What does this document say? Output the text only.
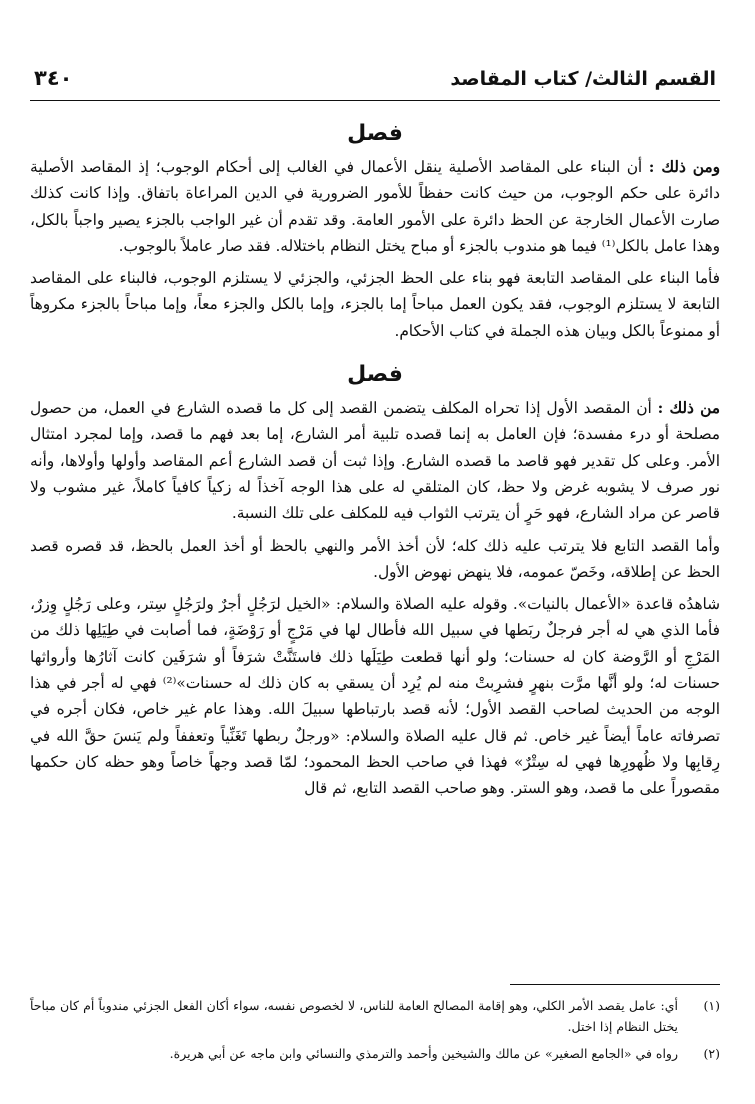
القسم الثالث/ كتاب المقاصد
٣٤٠
فصل

ومن ذلك : أن البناء على المقاصد الأصلية ينقل الأعمال في الغالب إلى أحكام الوجوب؛ إذ المقاصد الأصلية دائرة على حكم الوجوب، من حيث كانت حفظاً للأمور الضرورية في الدين المراعاة باتفاق. وإذا كانت كذلك صارت الأعمال الخارجة عن الحظ دائرة على الأمور العامة. وقد تقدم أن غير الواجب بالجزء يصير واجباً بالكل، وهذا عامل بالكل⁽¹⁾ فيما هو مندوب بالجزء أو مباح يختل النظام باختلاله. فقد صار عاملاً بالوجوب.

فأما البناء على المقاصد التابعة فهو بناء على الحظ الجزئي، والجزئي لا يستلزم الوجوب، فالبناء على المقاصد التابعة لا يستلزم الوجوب، فقد يكون العمل مباحاً إما بالجزء، وإما بالكل والجزء معاً، وإما مباحاً بالجزء مكروهاً أو ممنوعاً بالكل وبيان هذه الجملة في كتاب الأحكام.

فصل

من ذلك : أن المقصد الأول إذا تحراه المكلف يتضمن القصد إلى كل ما قصده الشارع في العمل، من حصول مصلحة أو درء مفسدة؛ فإن العامل به إنما قصده تلبية أمر الشارع، إما بعد فهم ما قصد، وإما لمجرد امتثال الأمر. وعلى كل تقدير فهو قاصد ما قصده الشارع. وإذا ثبت أن قصد الشارع أعم المقاصد وأولها وأولاها، وأنه نور صرف لا يشوبه غرض ولا حظ، كان المتلقي له على هذا الوجه آخذاً له زكياً كافياً كاملاً، غير مشوب ولا قاصر عن مراد الشارع، فهو حَرٍ أن يترتب الثواب فيه للمكلف على تلك النسبة.

وأما القصد التابع فلا يترتب عليه ذلك كله؛ لأن أخذ الأمر والنهي بالحظ أو أخذ العمل بالحظ، قد قصره قصد الحظ عن إطلاقه، وخَصّ عمومه، فلا ينهض نهوض الأول.

شاهدُه قاعدة «الأعمال بالنيات». وقوله عليه الصلاة والسلام: «الخيل لرَجُلٍ أجرٌ ولرَجُلٍ سِتر، وعلى رَجُلٍ وِزرٌ، فأما الذي هي له أجر فرجلٌ ربَطها في سبيل الله فأطال لها في مَرْجٍ أو رَوْضَةٍ، فما أصابت في طِيَلِها ذلك من المَرْجِ أو الرَّوضة كان له حسنات؛ ولو أنها قطعت طِيَلَها ذلك فاستَنَّتْ شرَفاً أو شرَفَين كانت آثارُها وأرواثها حسنات له؛ ولو أنَّها مرَّت بنهرٍ فشرِبتْ منه لم يُرِد أن يسقي به كان ذلك له حسنات»⁽²⁾ فهي له أجر في هذا الوجه من الحديث لصاحب القصد الأول؛ لأنه قصد بارتباطها سبيلَ الله. وهذا عام غير خاص، فكان أجره في تصرفاته عاماً أيضاً غير خاص. ثم قال عليه الصلاة والسلام: «ورجلٌ ربطها تَغَنِّياً وتعففاً ولم يَنسَ حقَّ الله في رِقابِها ولا ظُهورِها فهي له سِتْرٌ» فهذا في صاحب الحظ المحمود؛ لمّا قصد وجهاً خاصاً وهو حظه كان حكمها مقصوراً على ما قصد، وهو الستر. وهو صاحب القصد التابع، ثم قال

(١)
أي: عامل يقصد الأمر الكلي، وهو إقامة المصالح العامة للناس، لا لخصوص نفسه، سواء أكان الفعل الجزئي مندوباً أم كان مباحاً يختل النظام إذا اختل.
(٢)
رواه في «الجامع الصغير» عن مالك والشيخين وأحمد والترمذي والنسائي وابن ماجه عن أبي هريرة.
